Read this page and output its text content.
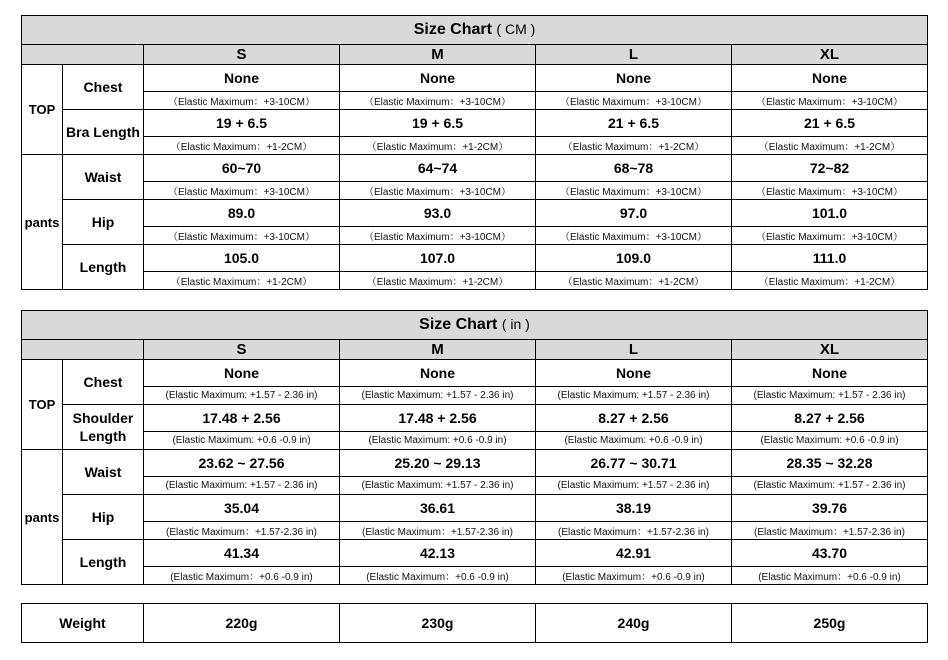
Size Chart ( CM )					
		S	M	L	XL
TOP	Chest	None	None	None	None
		（Elastic Maximum：+3-10CM）	（Elastic Maximum：+3-10CM）	（Elastic Maximum：+3-10CM）	（Elastic Maximum：+3-10CM）
	Bra Length	19 + 6.5	19 + 6.5	21 + 6.5	21 + 6.5
		（Elastic Maximum：+1-2CM）	（Elastic Maximum：+1-2CM）	（Elastic Maximum：+1-2CM）	（Elastic Maximum：+1-2CM）
pants	Waist	60~70	64~74	68~78	72~82
		（Elastic Maximum：+3-10CM）	（Elastic Maximum：+3-10CM）	（Elastic Maximum：+3-10CM）	（Elastic Maximum：+3-10CM）
	Hip	89.0	93.0	97.0	101.0
		（Elastic Maximum：+3-10CM）	（Elastic Maximum：+3-10CM）	（Elastic Maximum：+3-10CM）	（Elastic Maximum：+3-10CM）
	Length	105.0	107.0	109.0	111.0
		（Elastic Maximum：+1-2CM）	（Elastic Maximum：+1-2CM）	（Elastic Maximum：+1-2CM）	（Elastic Maximum：+1-2CM）
Size Chart ( in )					
		S	M	L	XL
TOP	Chest	None	None	None	None
		(Elastic Maximum: +1.57 - 2.36 in)	(Elastic Maximum: +1.57 - 2.36 in)	(Elastic Maximum: +1.57 - 2.36 in)	(Elastic Maximum: +1.57 - 2.36 in)
	Shoulder Length	17.48 + 2.56	17.48 + 2.56	8.27 + 2.56	8.27 + 2.56
		(Elastic Maximum: +0.6 -0.9 in)	(Elastic Maximum: +0.6 -0.9 in)	(Elastic Maximum: +0.6 -0.9 in)	(Elastic Maximum: +0.6 -0.9 in)
pants	Waist	23.62 ~ 27.56	25.20 ~ 29.13	26.77 ~ 30.71	28.35 ~ 32.28
		(Elastic Maximum: +1.57 - 2.36 in)	(Elastic Maximum: +1.57 - 2.36 in)	(Elastic Maximum: +1.57 - 2.36 in)	(Elastic Maximum: +1.57 - 2.36 in)
	Hip	35.04	36.61	38.19	39.76
		(Elastic Maximum：+1.57-2.36 in)	(Elastic Maximum：+1.57-2.36 in)	(Elastic Maximum：+1.57-2.36 in)	(Elastic Maximum：+1.57-2.36 in)
	Length	41.34	42.13	42.91	43.70
		(Elastic Maximum：+0.6 -0.9 in)	(Elastic Maximum：+0.6 -0.9 in)	(Elastic Maximum：+0.6 -0.9 in)	(Elastic Maximum：+0.6 -0.9 in)
Weight	220g	230g	240g	250g
